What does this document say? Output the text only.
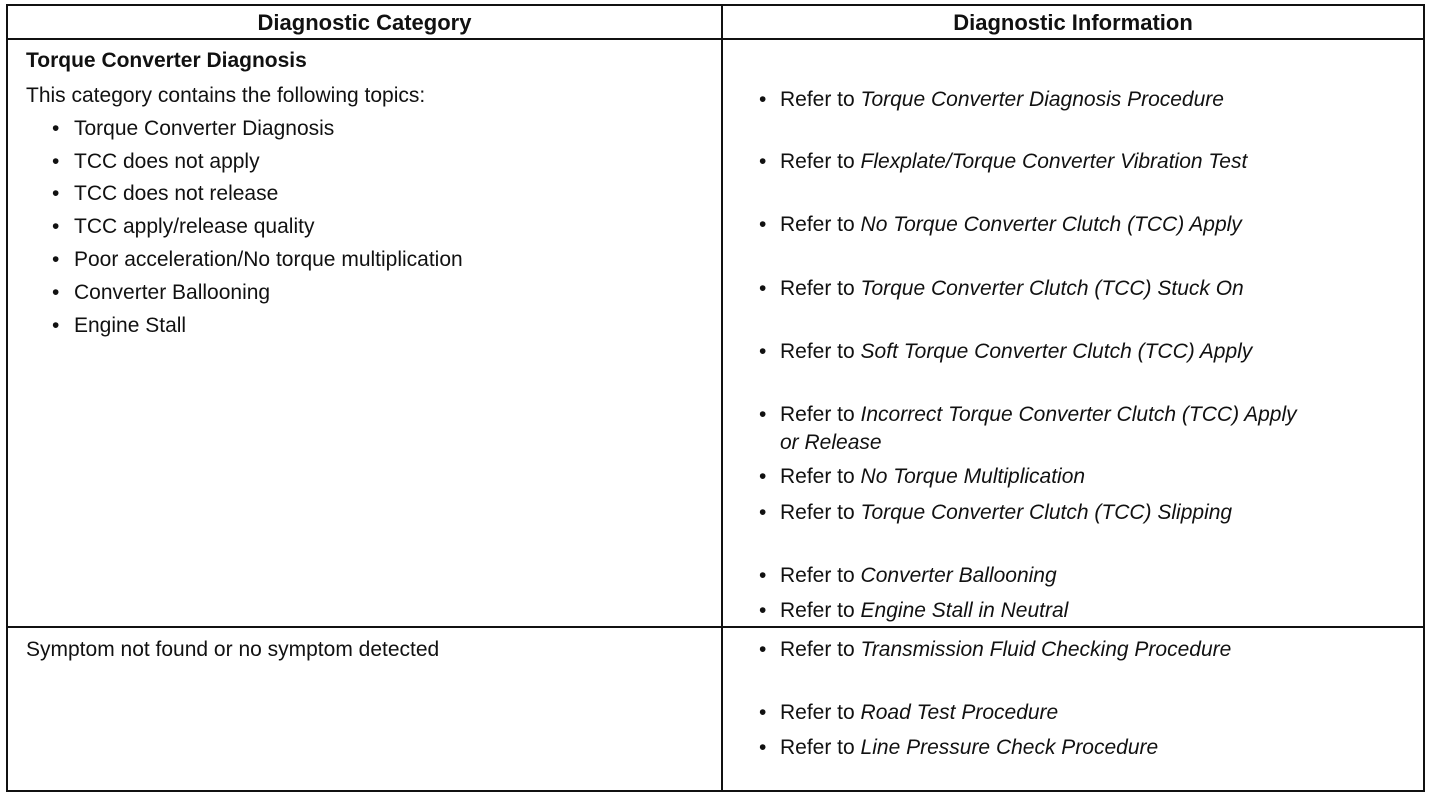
Diagnostic Category	Diagnostic Information
Torque Converter Diagnosis
This category contains the following topics:
• Torque Converter Diagnosis
• TCC does not apply
• TCC does not release
• TCC apply/release quality
• Poor acceleration/No torque multiplication
• Converter Ballooning
• Engine Stall
• Refer to Torque Converter Diagnosis Procedure
• Refer to Flexplate/Torque Converter Vibration Test
• Refer to No Torque Converter Clutch (TCC) Apply
• Refer to Torque Converter Clutch (TCC) Stuck On
• Refer to Soft Torque Converter Clutch (TCC) Apply
• Refer to Incorrect Torque Converter Clutch (TCC) Apply
or Release
• Refer to No Torque Multiplication
• Refer to Torque Converter Clutch (TCC) Slipping
• Refer to Converter Ballooning
• Refer to Engine Stall in Neutral
Symptom not found or no symptom detected	• Refer to Transmission Fluid Checking Procedure
• Refer to Road Test Procedure
• Refer to Line Pressure Check Procedure
